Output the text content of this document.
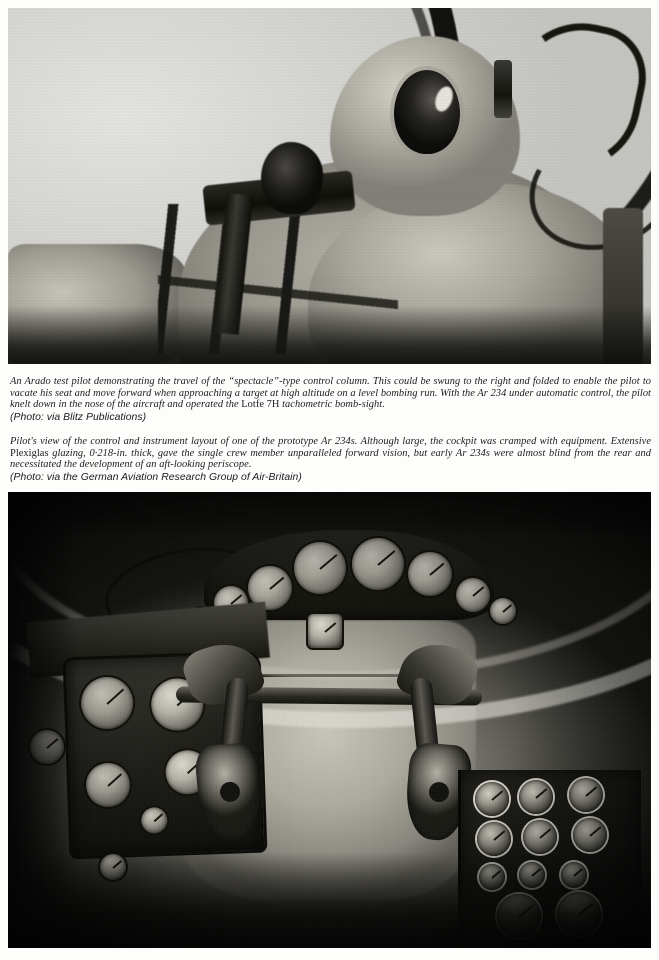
An Arado test pilot demonstrating the travel of the “spectacle”-type control column. This could be swung to the right and folded to enable the pilot to vacate his seat and move forward when approaching a target at high altitude on a level bombing run. With the Ar 234 under automatic control, the pilot knelt down in the nose of the aircraft and operated the Lotfe 7H tachometric bomb-sight.

(Photo: via Blitz Publications)

Pilot's view of the control and instrument layout of one of the prototype Ar 234s. Although large, the cockpit was cramped with equipment. Extensive Plexiglas glazing, 0·218-in. thick, gave the single crew member unparalleled forward vision, but early Ar 234s were almost blind from the rear and necessitated the development of an aft-looking periscope.

(Photo: via the German Aviation Research Group of Air-Britain)
